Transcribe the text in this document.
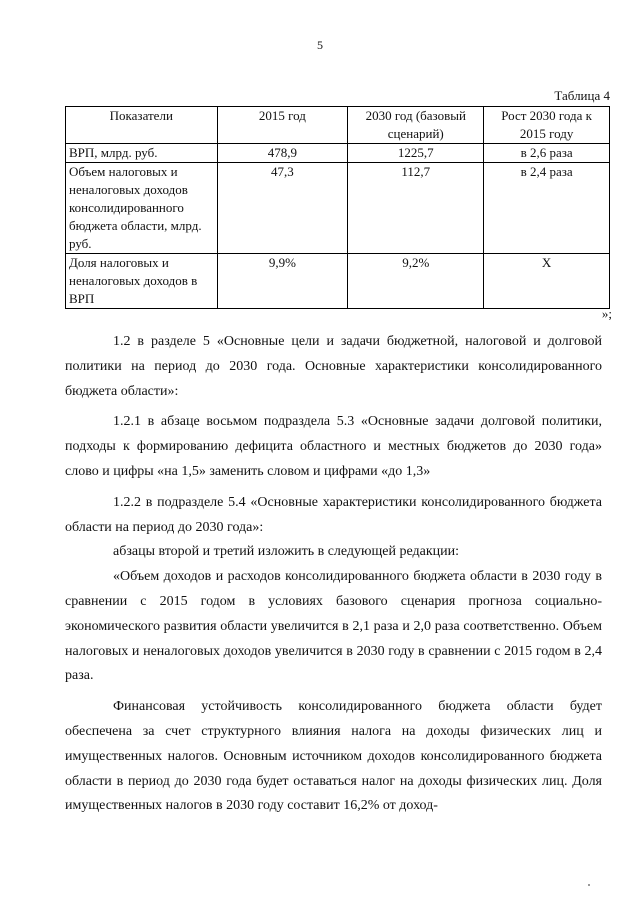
5
Таблица 4
Показатели	2015 год	2030 год (базовый сценарий)	Рост 2030 года к 2015 году
ВРП, млрд. руб.	478,9	1225,7	в 2,6 раза
Объем налоговых и неналоговых доходов консолидированного бюджета области, млрд. руб.	47,3	112,7	в 2,4 раза
Доля налоговых и неналоговых доходов в ВРП	9,9%	9,2%	Х
»;

1.2 в разделе 5 «Основные цели и задачи бюджетной, налоговой и долговой политики на период до 2030 года. Основные характеристики консолидированного бюджета области»:

1.2.1 в абзаце восьмом подраздела 5.3 «Основные задачи долговой политики, подходы к формированию дефицита областного и местных бюджетов до 2030 года» слово и цифры «на 1,5» заменить словом и цифрами «до 1,3»

1.2.2 в подразделе 5.4 «Основные характеристики консолидированного бюджета области на период до 2030 года»:

абзацы второй и третий изложить в следующей редакции:

«Объем доходов и расходов консолидированного бюджета области в 2030 году в сравнении с 2015 годом в условиях базового сценария прогноза социально-экономического развития области увеличится в 2,1 раза и 2,0 раза соответственно. Объем налоговых и неналоговых доходов увеличится в 2030 году в сравнении с 2015 годом в 2,4 раза.

Финансовая устойчивость консолидированного бюджета области будет обеспечена за счет структурного влияния налога на доходы физических лиц и имущественных налогов. Основным источником доходов консолидированного бюджета области в период до 2030 года будет оставаться налог на доходы физических лиц. Доля имущественных налогов в 2030 году составит 16,2% от доход-
